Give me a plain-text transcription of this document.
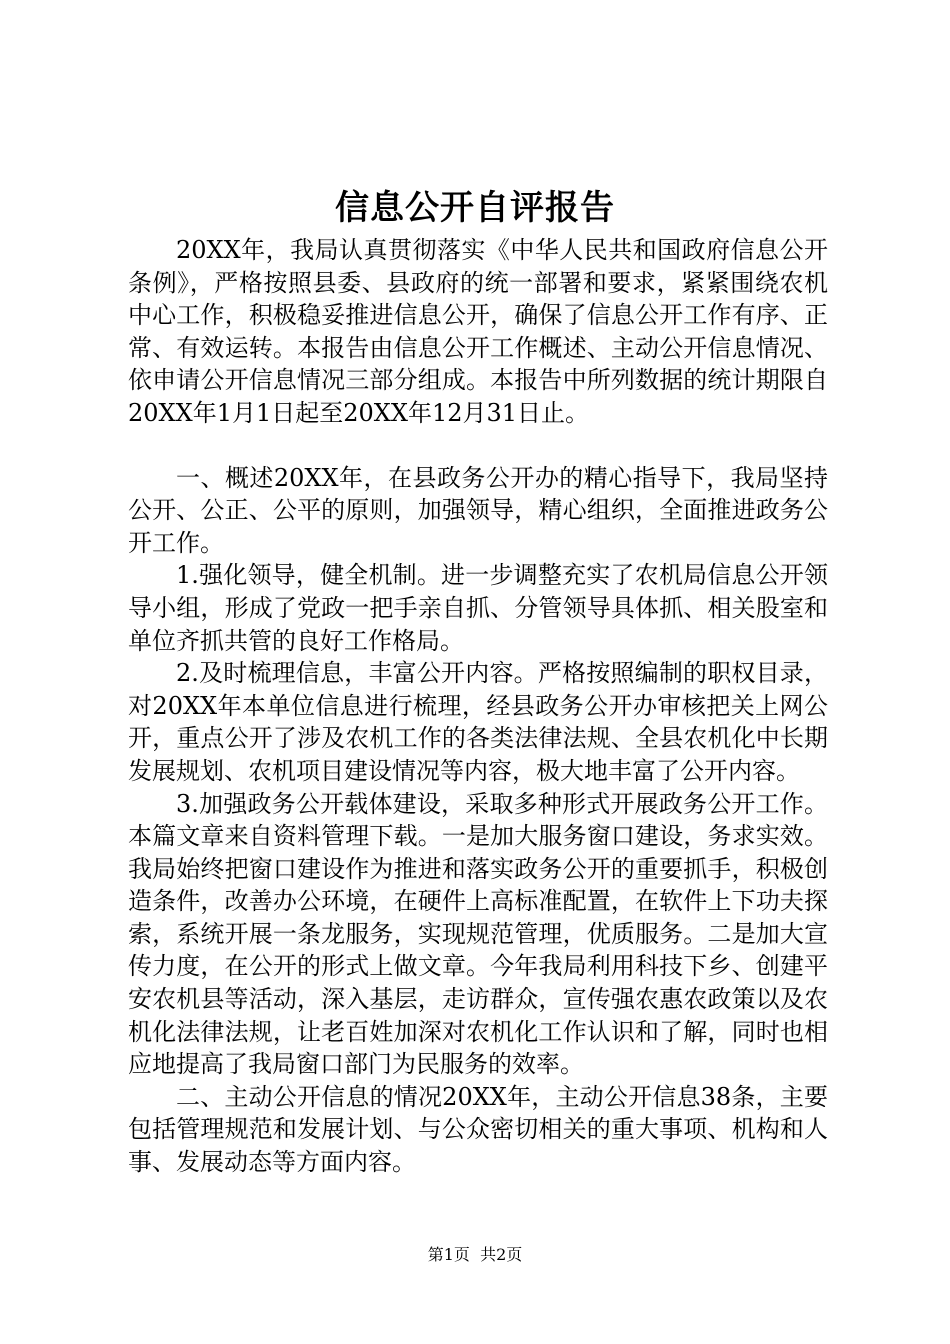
信息公开自评报告

20XX年，我局认真贯彻落实《中华人民共和国政府信息公开条例》，严格按照县委、县政府的统一部署和要求，紧紧围绕农机中心工作，积极稳妥推进信息公开，确保了信息公开工作有序、正常、有效运转。本报告由信息公开工作概述、主动公开信息情况、依申请公开信息情况三部分组成。本报告中所列数据的统计期限自20XX年1月1日起至20XX年12月31日止。

一、概述20XX年，在县政务公开办的精心指导下，我局坚持公开、公正、公平的原则，加强领导，精心组织，全面推进政务公开工作。

1.强化领导，健全机制。进一步调整充实了农机局信息公开领导小组，形成了党政一把手亲自抓、分管领导具体抓、相关股室和单位齐抓共管的良好工作格局。

2.及时梳理信息，丰富公开内容。严格按照编制的职权目录，对20XX年本单位信息进行梳理，经县政务公开办审核把关上网公开，重点公开了涉及农机工作的各类法律法规、全县农机化中长期发展规划、农机项目建设情况等内容，极大地丰富了公开内容。

3.加强政务公开载体建设，采取多种形式开展政务公开工作。本篇文章来自资料管理下载。一是加大服务窗口建设，务求实效。我局始终把窗口建设作为推进和落实政务公开的重要抓手，积极创造条件，改善办公环境，在硬件上高标准配置，在软件上下功夫探索，系统开展一条龙服务，实现规范管理，优质服务。二是加大宣传力度，在公开的形式上做文章。今年我局利用科技下乡、创建平安农机县等活动，深入基层，走访群众，宣传强农惠农政策以及农机化法律法规，让老百姓加深对农机化工作认识和了解，同时也相应地提高了我局窗口部门为民服务的效率。

二、主动公开信息的情况20XX年，主动公开信息38条，主要包括管理规范和发展计划、与公众密切相关的重大事项、机构和人事、发展动态等方面内容。

第1页 共2页
